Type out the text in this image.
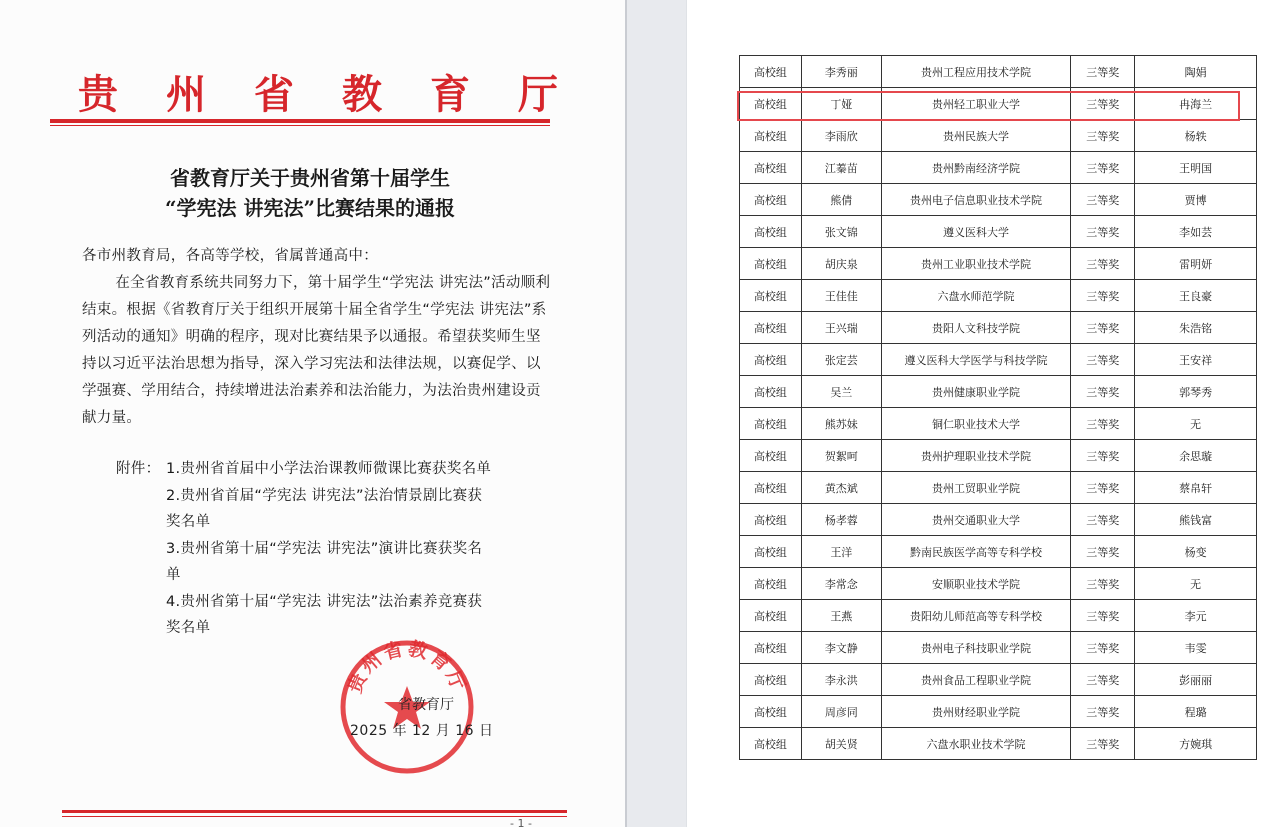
贵 州 省 教 育 厅
省教育厅关于贵州省第十届学生
“学宪法 讲宪法”比赛结果的通报

各市州教育局，各高等学校，省属普通高中：

在全省教育系统共同努力下，第十届学生“学宪法 讲宪法”活动顺利结束。根据《省教育厅关于组织开展第十届全省学生“学宪法 讲宪法”系列活动的通知》明确的程序，现对比赛结果予以通报。希望获奖师生坚持以习近平法治思想为指导，深入学习宪法和法律法规，以赛促学、以学强赛、学用结合，持续增进法治素养和法治能力，为法治贵州建设贡献力量。

附件： 1.贵州省首届中小学法治课教师微课比赛获奖名单
2.贵州省首届“学宪法 讲宪法”法治情景剧比赛获
奖名单
3.贵州省第十届“学宪法 讲宪法”演讲比赛获奖名
单
4.贵州省第十届“学宪法 讲宪法”法治素养竞赛获
奖名单
贵州省教育厅
省教育厅
2025 年 12 月 16 日
- 1 -
高校组	李秀丽	贵州工程应用技术学院	三等奖	陶娟
高校组	丁娅	贵州轻工职业大学	三等奖	冉海兰
高校组	李雨欣	贵州民族大学	三等奖	杨轶
高校组	江蓁苗	贵州黔南经济学院	三等奖	王明国
高校组	熊倩	贵州电子信息职业技术学院	三等奖	贾博
高校组	张文锦	遵义医科大学	三等奖	李如芸
高校组	胡庆泉	贵州工业职业技术学院	三等奖	雷明妍
高校组	王佳佳	六盘水师范学院	三等奖	王良豪
高校组	王兴瑞	贵阳人文科技学院	三等奖	朱浩铭
高校组	张定芸	遵义医科大学医学与科技学院	三等奖	王安祥
高校组	吴兰	贵州健康职业学院	三等奖	郭琴秀
高校组	熊苏妹	铜仁职业技术大学	三等奖	无
高校组	贺絮呵	贵州护理职业技术学院	三等奖	余思璇
高校组	黄杰斌	贵州工贸职业学院	三等奖	蔡帛轩
高校组	杨孝蓉	贵州交通职业大学	三等奖	熊钱富
高校组	王洋	黔南民族医学高等专科学校	三等奖	杨变
高校组	李常念	安顺职业技术学院	三等奖	无
高校组	王燕	贵阳幼儿师范高等专科学校	三等奖	李元
高校组	李文静	贵州电子科技职业学院	三等奖	韦雯
高校组	李永洪	贵州食品工程职业学院	三等奖	彭丽丽
高校组	周彦同	贵州财经职业学院	三等奖	程璐
高校组	胡关贤	六盘水职业技术学院	三等奖	方婉琪
